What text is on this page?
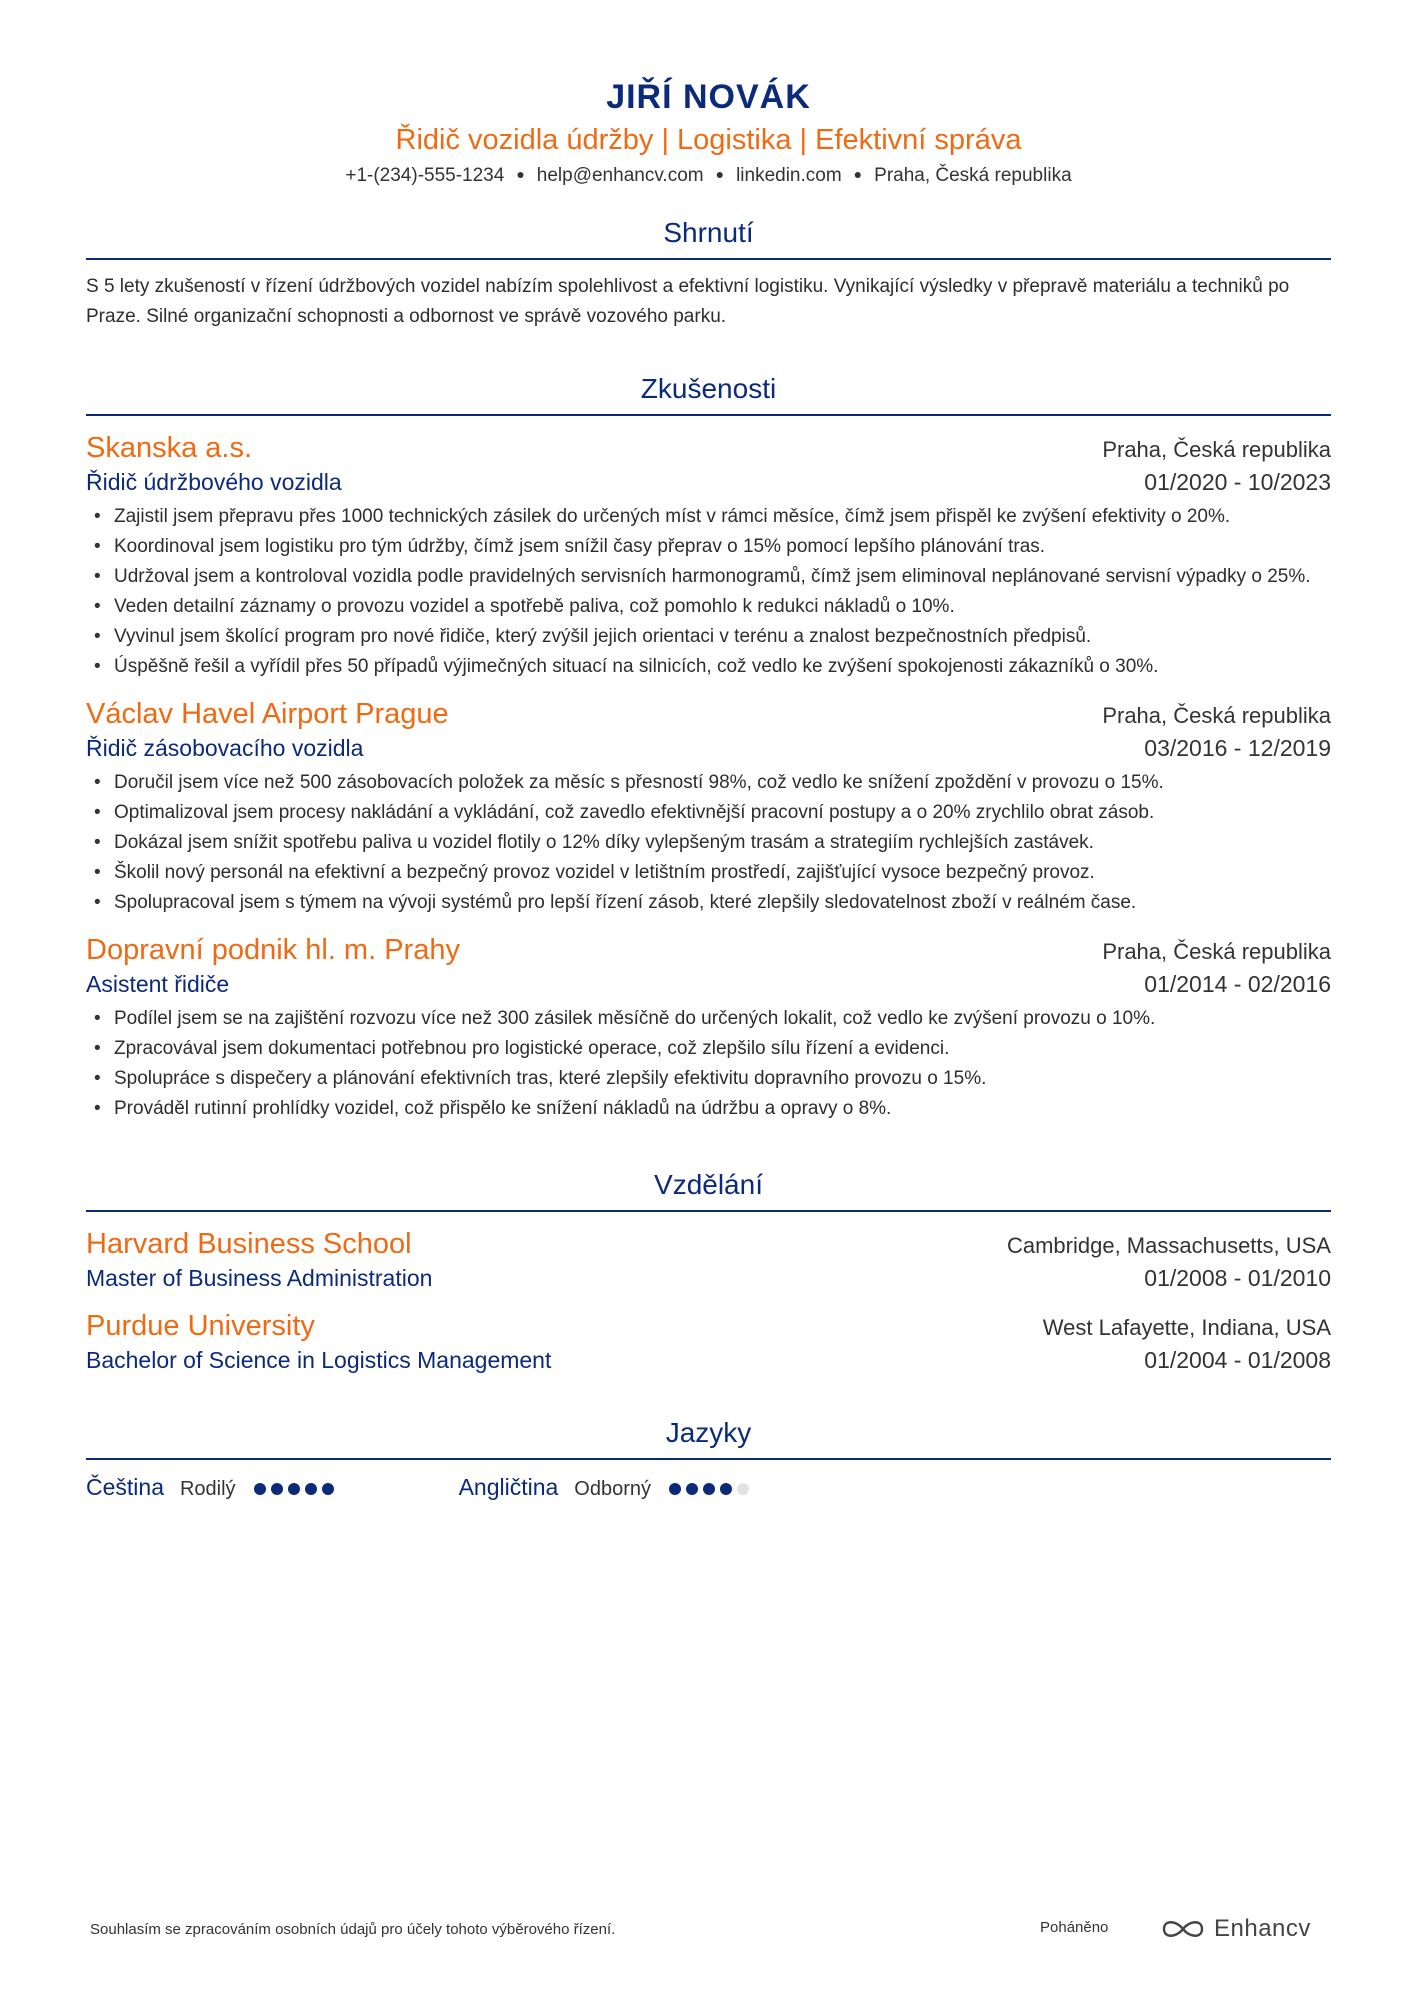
JIŘÍ NOVÁK
Řidič vozidla údržby | Logistika | Efektivní správa
+1-(234)-555-1234 ● help@enhancv.com ● linkedin.com ● Praha, Česká republika
Shrnutí
S 5 lety zkušeností v řízení údržbových vozidel nabízím spolehlivost a efektivní logistiku. Vynikající výsledky v přepravě materiálu a techniků po Praze. Silné organizační schopnosti a odbornost ve správě vozového parku.
Zkušenosti
Skanska a.s.	Praha, Česká republika
Řidič údržbového vozidla	01/2020 - 10/2023
• Zajistil jsem přepravu přes 1000 technických zásilek do určených míst v rámci měsíce, čímž jsem přispěl ke zvýšení efektivity o 20%.
• Koordinoval jsem logistiku pro tým údržby, čímž jsem snížil časy přeprav o 15% pomocí lepšího plánování tras.
• Udržoval jsem a kontroloval vozidla podle pravidelných servisních harmonogramů, čímž jsem eliminoval neplánované servisní výpadky o 25%.
• Veden detailní záznamy o provozu vozidel a spotřebě paliva, což pomohlo k redukci nákladů o 10%.
• Vyvinul jsem školící program pro nové řidiče, který zvýšil jejich orientaci v terénu a znalost bezpečnostních předpisů.
• Úspěšně řešil a vyřídil přes 50 případů výjimečných situací na silnicích, což vedlo ke zvýšení spokojenosti zákazníků o 30%.
Václav Havel Airport Prague	Praha, Česká republika
Řidič zásobovacího vozidla	03/2016 - 12/2019
• Doručil jsem více než 500 zásobovacích položek za měsíc s přesností 98%, což vedlo ke snížení zpoždění v provozu o 15%.
• Optimalizoval jsem procesy nakládání a vykládání, což zavedlo efektivnější pracovní postupy a o 20% zrychlilo obrat zásob.
• Dokázal jsem snížit spotřebu paliva u vozidel flotily o 12% díky vylepšeným trasám a strategiím rychlejších zastávek.
• Školil nový personál na efektivní a bezpečný provoz vozidel v letištním prostředí, zajišťující vysoce bezpečný provoz.
• Spolupracoval jsem s týmem na vývoji systémů pro lepší řízení zásob, které zlepšily sledovatelnost zboží v reálném čase.
Dopravní podnik hl. m. Prahy	Praha, Česká republika
Asistent řidiče	01/2014 - 02/2016
• Podílel jsem se na zajištění rozvozu více než 300 zásilek měsíčně do určených lokalit, což vedlo ke zvýšení provozu o 10%.
• Zpracovával jsem dokumentaci potřebnou pro logistické operace, což zlepšilo sílu řízení a evidenci.
• Spolupráce s dispečery a plánování efektivních tras, které zlepšily efektivitu dopravního provozu o 15%.
• Prováděl rutinní prohlídky vozidel, což přispělo ke snížení nákladů na údržbu a opravy o 8%.
Vzdělání
Harvard Business School	Cambridge, Massachusetts, USA
Master of Business Administration	01/2008 - 01/2010
Purdue University	West Lafayette, Indiana, USA
Bachelor of Science in Logistics Management	01/2004 - 01/2008
Jazyky
Čeština Rodilý	Angličtina Odborný
Souhlasím se zpracováním osobních údajů pro účely tohoto výběrového řízení.	Poháněno	Enhancv
